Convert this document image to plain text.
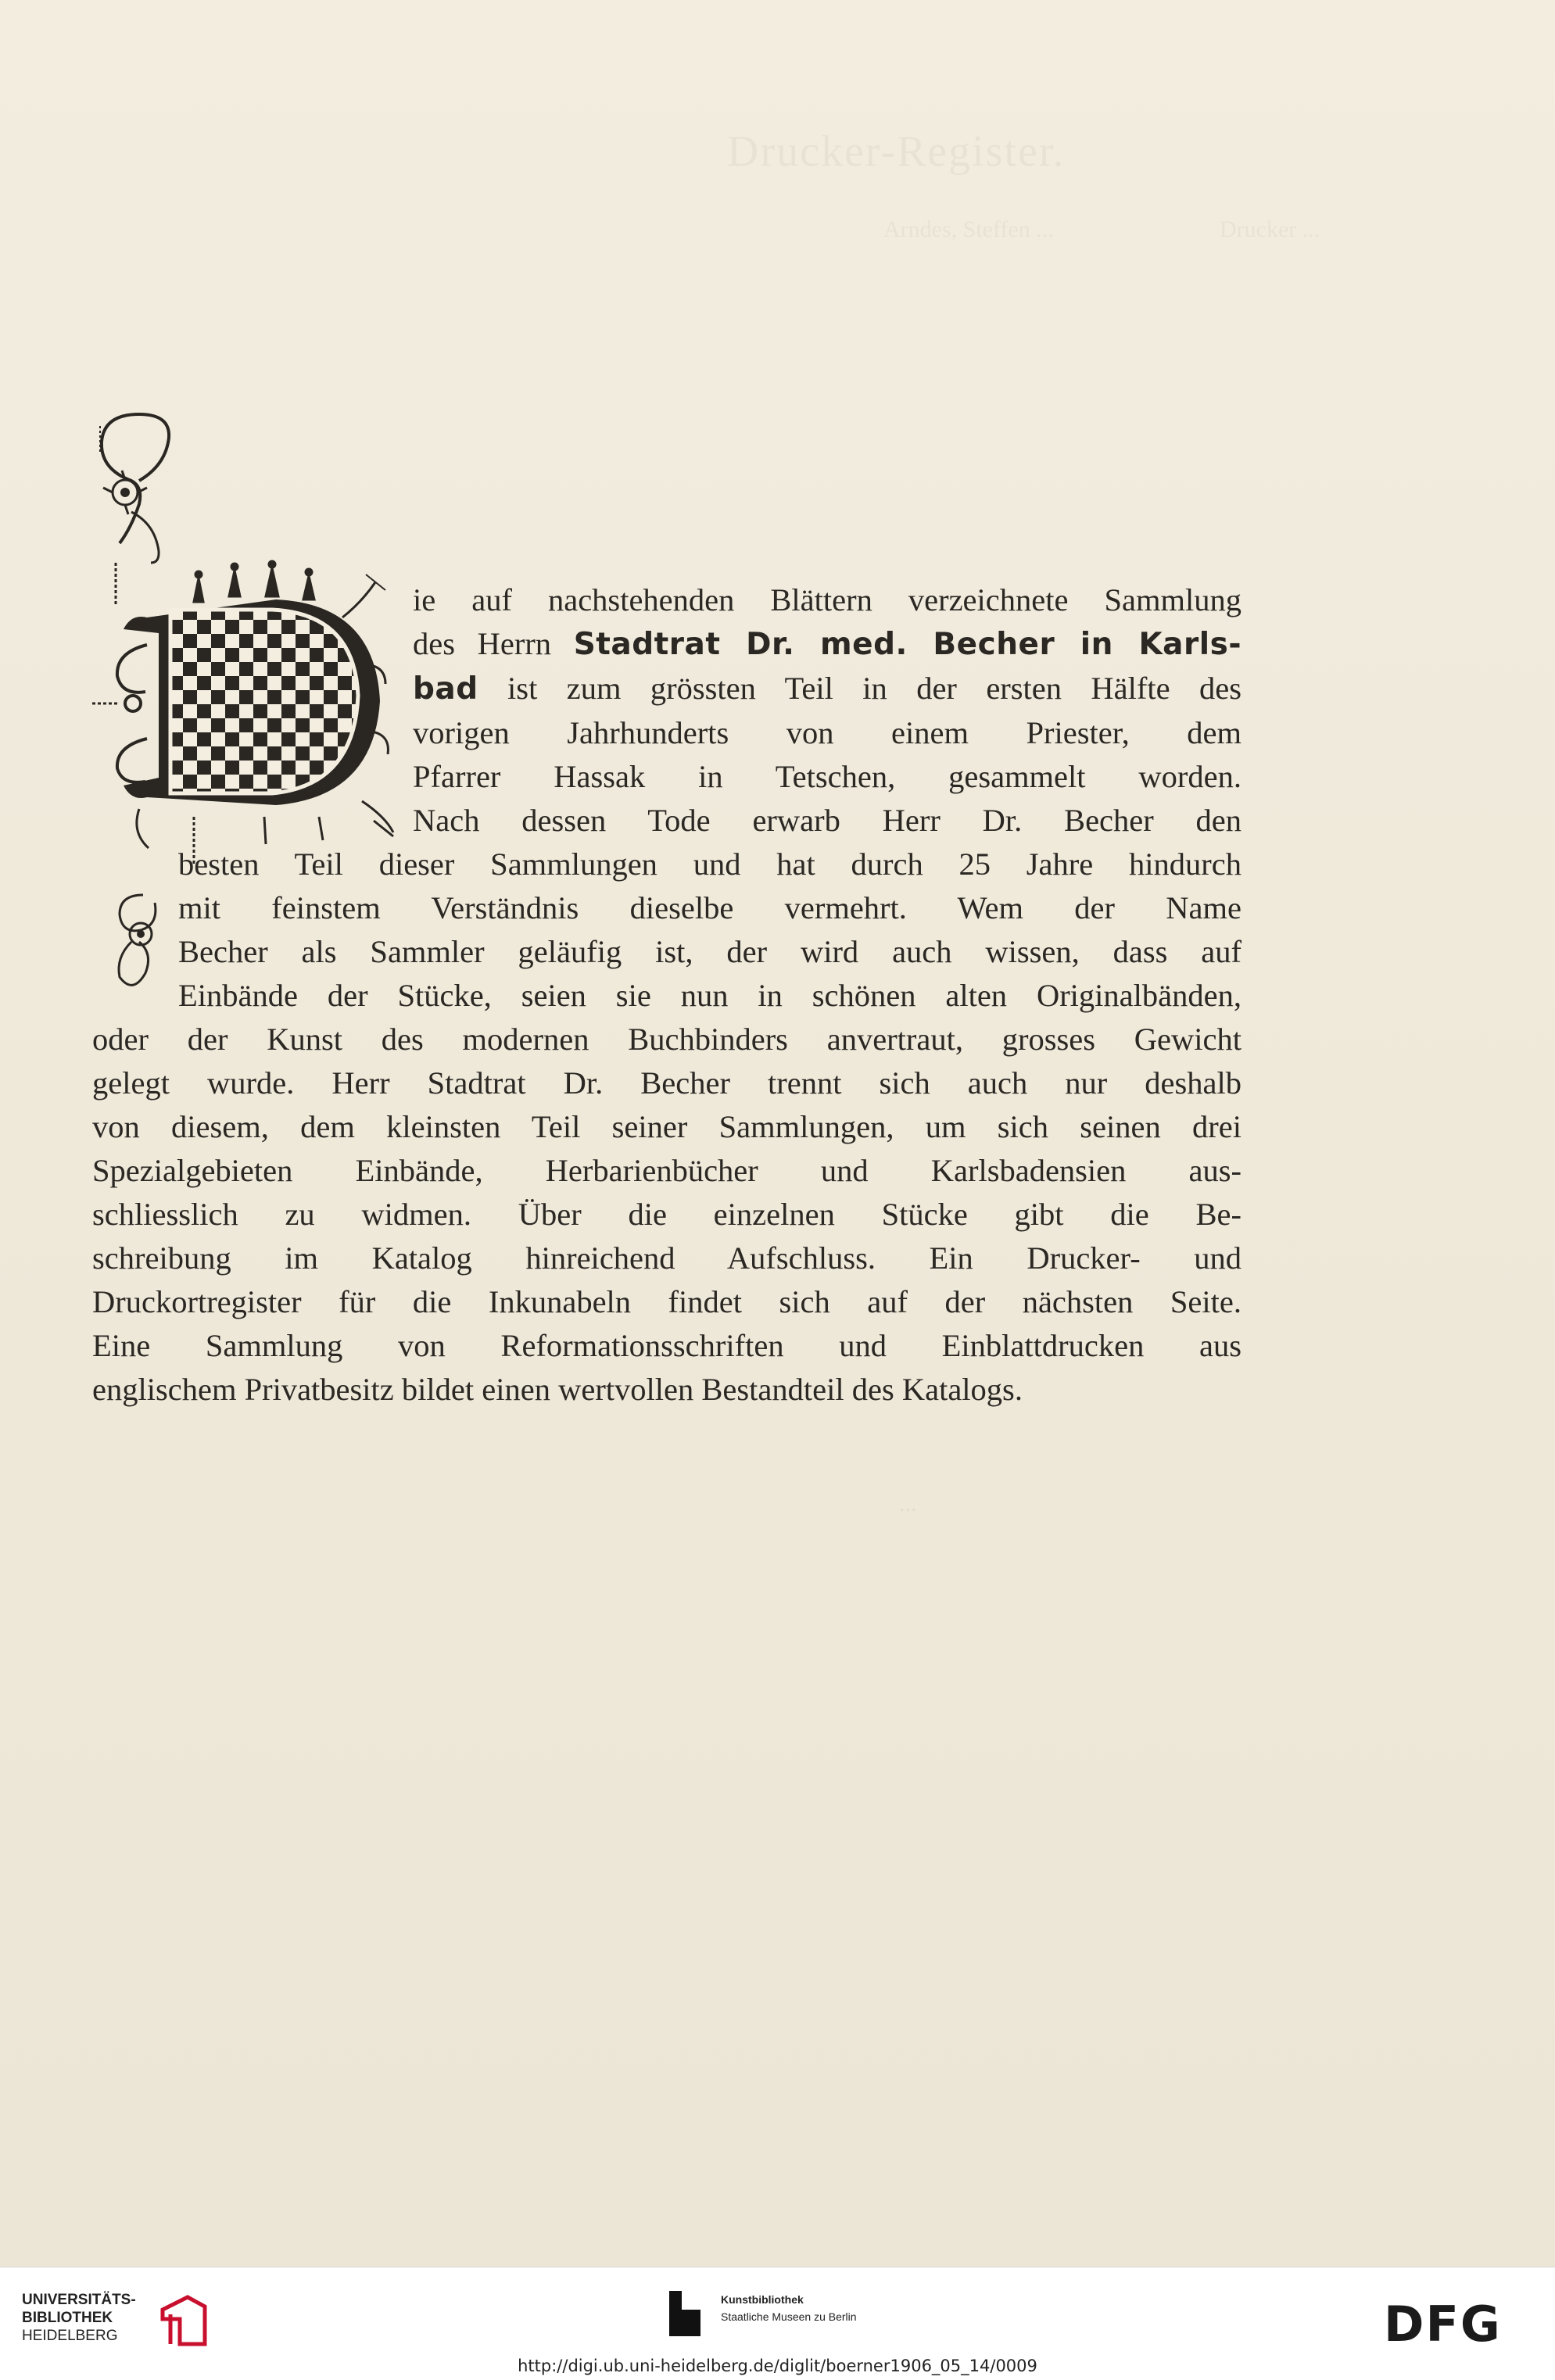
Drucker-Register.
Arndes, Steffen ...	Drucker ...
...
ie auf nachstehenden Blättern verzeichnete Sammlung
des Herrn Stadtrat Dr. med. Becher in Karls-
bad ist zum grössten Teil in der ersten Hälfte des
vorigen Jahrhunderts von einem Priester, dem
Pfarrer Hassak in Tetschen, gesammelt worden.
Nach dessen Tode erwarb Herr Dr. Becher den
besten Teil dieser Sammlungen und hat durch 25 Jahre hindurch
mit feinstem Verständnis dieselbe vermehrt. Wem der Name
Becher als Sammler geläufig ist, der wird auch wissen, dass auf
Einbände der Stücke, seien sie nun in schönen alten Originalbänden,
oder der Kunst des modernen Buchbinders anvertraut, grosses Gewicht
gelegt wurde. Herr Stadtrat Dr. Becher trennt sich auch nur deshalb
von diesem, dem kleinsten Teil seiner Sammlungen, um sich seinen drei
Spezialgebieten Einbände, Herbarienbücher und Karlsbadensien aus-
schliesslich zu widmen. Über die einzelnen Stücke gibt die Be-
schreibung im Katalog hinreichend Aufschluss. Ein Drucker- und
Druckortregister für die Inkunabeln findet sich auf der nächsten Seite.
Eine Sammlung von Reformationsschriften und Einblattdrucken aus
englischem Privatbesitz bildet einen wertvollen Bestandteil des Katalogs.
UNIVERSITÄTS-
BIBLIOTHEK
HEIDELBERG
Kunstbibliothek
Staatliche Museen zu Berlin	DFG
http://digi.ub.uni-heidelberg.de/diglit/boerner1906_05_14/0009
